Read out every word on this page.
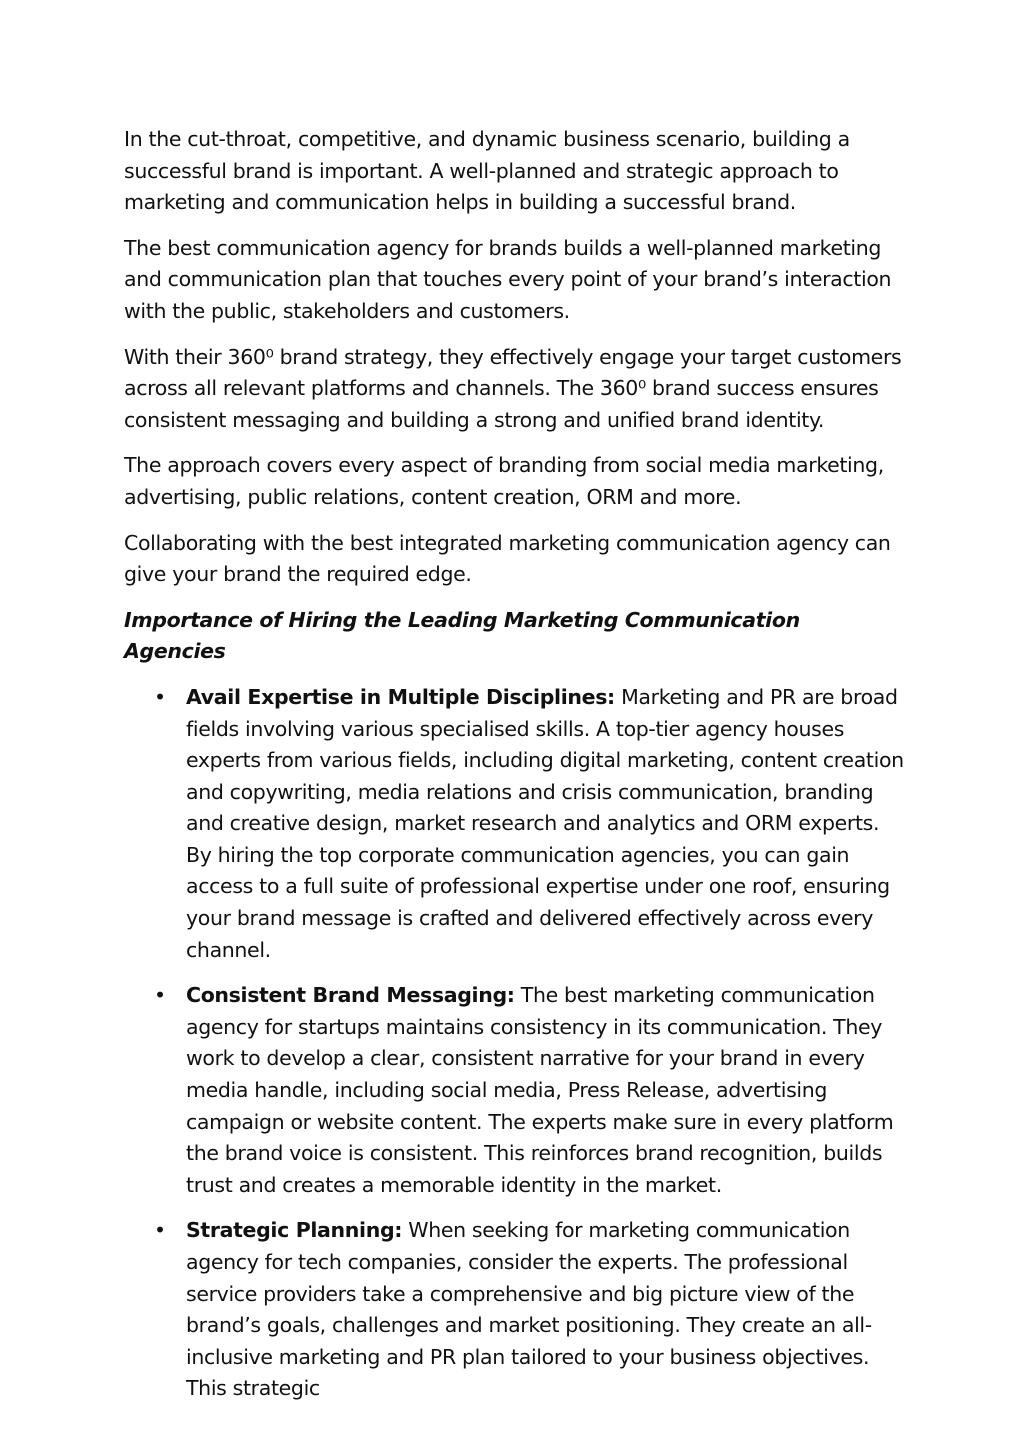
In the cut-throat, competitive, and dynamic business scenario, building a successful brand is important. A well-planned and strategic approach to marketing and communication helps in building a successful brand.

The best communication agency for brands builds a well-planned marketing and communication plan that touches every point of your brand’s interaction with the public, stakeholders and customers.

With their 360⁰ brand strategy, they effectively engage your target customers across all relevant platforms and channels. The 360⁰ brand success ensures consistent messaging and building a strong and unified brand identity.

The approach covers every aspect of branding from social media marketing, advertising, public relations, content creation, ORM and more.

Collaborating with the best integrated marketing communication agency can give your brand the required edge.

Importance of Hiring the Leading Marketing Communication Agencies

• Avail Expertise in Multiple Disciplines: Marketing and PR are broad fields involving various specialised skills. A top-tier agency houses experts from various fields, including digital marketing, content creation and copywriting, media relations and crisis communication, branding and creative design, market research and analytics and ORM experts. By hiring the top corporate communication agencies, you can gain access to a full suite of professional expertise under one roof, ensuring your brand message is crafted and delivered effectively across every channel.
• Consistent Brand Messaging: The best marketing communication agency for startups maintains consistency in its communication. They work to develop a clear, consistent narrative for your brand in every media handle, including social media, Press Release, advertising campaign or website content. The experts make sure in every platform the brand voice is consistent. This reinforces brand recognition, builds trust and creates a memorable identity in the market.
• Strategic Planning: When seeking for marketing communication agency for tech companies, consider the experts. The professional service providers take a comprehensive and big picture view of the brand’s goals, challenges and market positioning. They create an all-inclusive marketing and PR plan tailored to your business objectives. This strategic
